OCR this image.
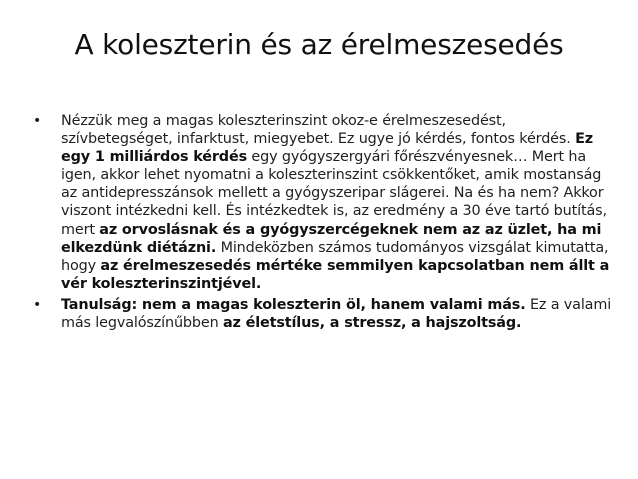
A koleszterin és az érelmeszesedés
•	Nézzük meg a magas koleszterinszint okoz-e érelmeszesedést, szívbetegséget, infarktust, miegyebet. Ez ugye jó kérdés, fontos kérdés. Ez egy 1 milliárdos kérdés egy gyógyszergyári főrészvényesnek… Mert ha igen, akkor lehet nyomatni a koleszterinszint csökkentőket, amik mostanság az antidepresszánsok mellett a gyógyszeripar slágerei. Na és ha nem? Akkor viszont intézkedni kell. És intézkedtek is, az eredmény a 30 éve tartó butítás, mert az orvoslásnak és a gyógyszercégeknek nem az az üzlet, ha mi elkezdünk diétázni. Mindeközben számos tudományos vizsgálat kimutatta, hogy az érelmeszesedés mértéke semmilyen kapcsolatban nem állt a vér koleszterinszintjével.
•	Tanulság: nem a magas koleszterin öl, hanem valami más. Ez a valami más legvalószínűbben az életstílus, a stressz, a hajszoltság.
